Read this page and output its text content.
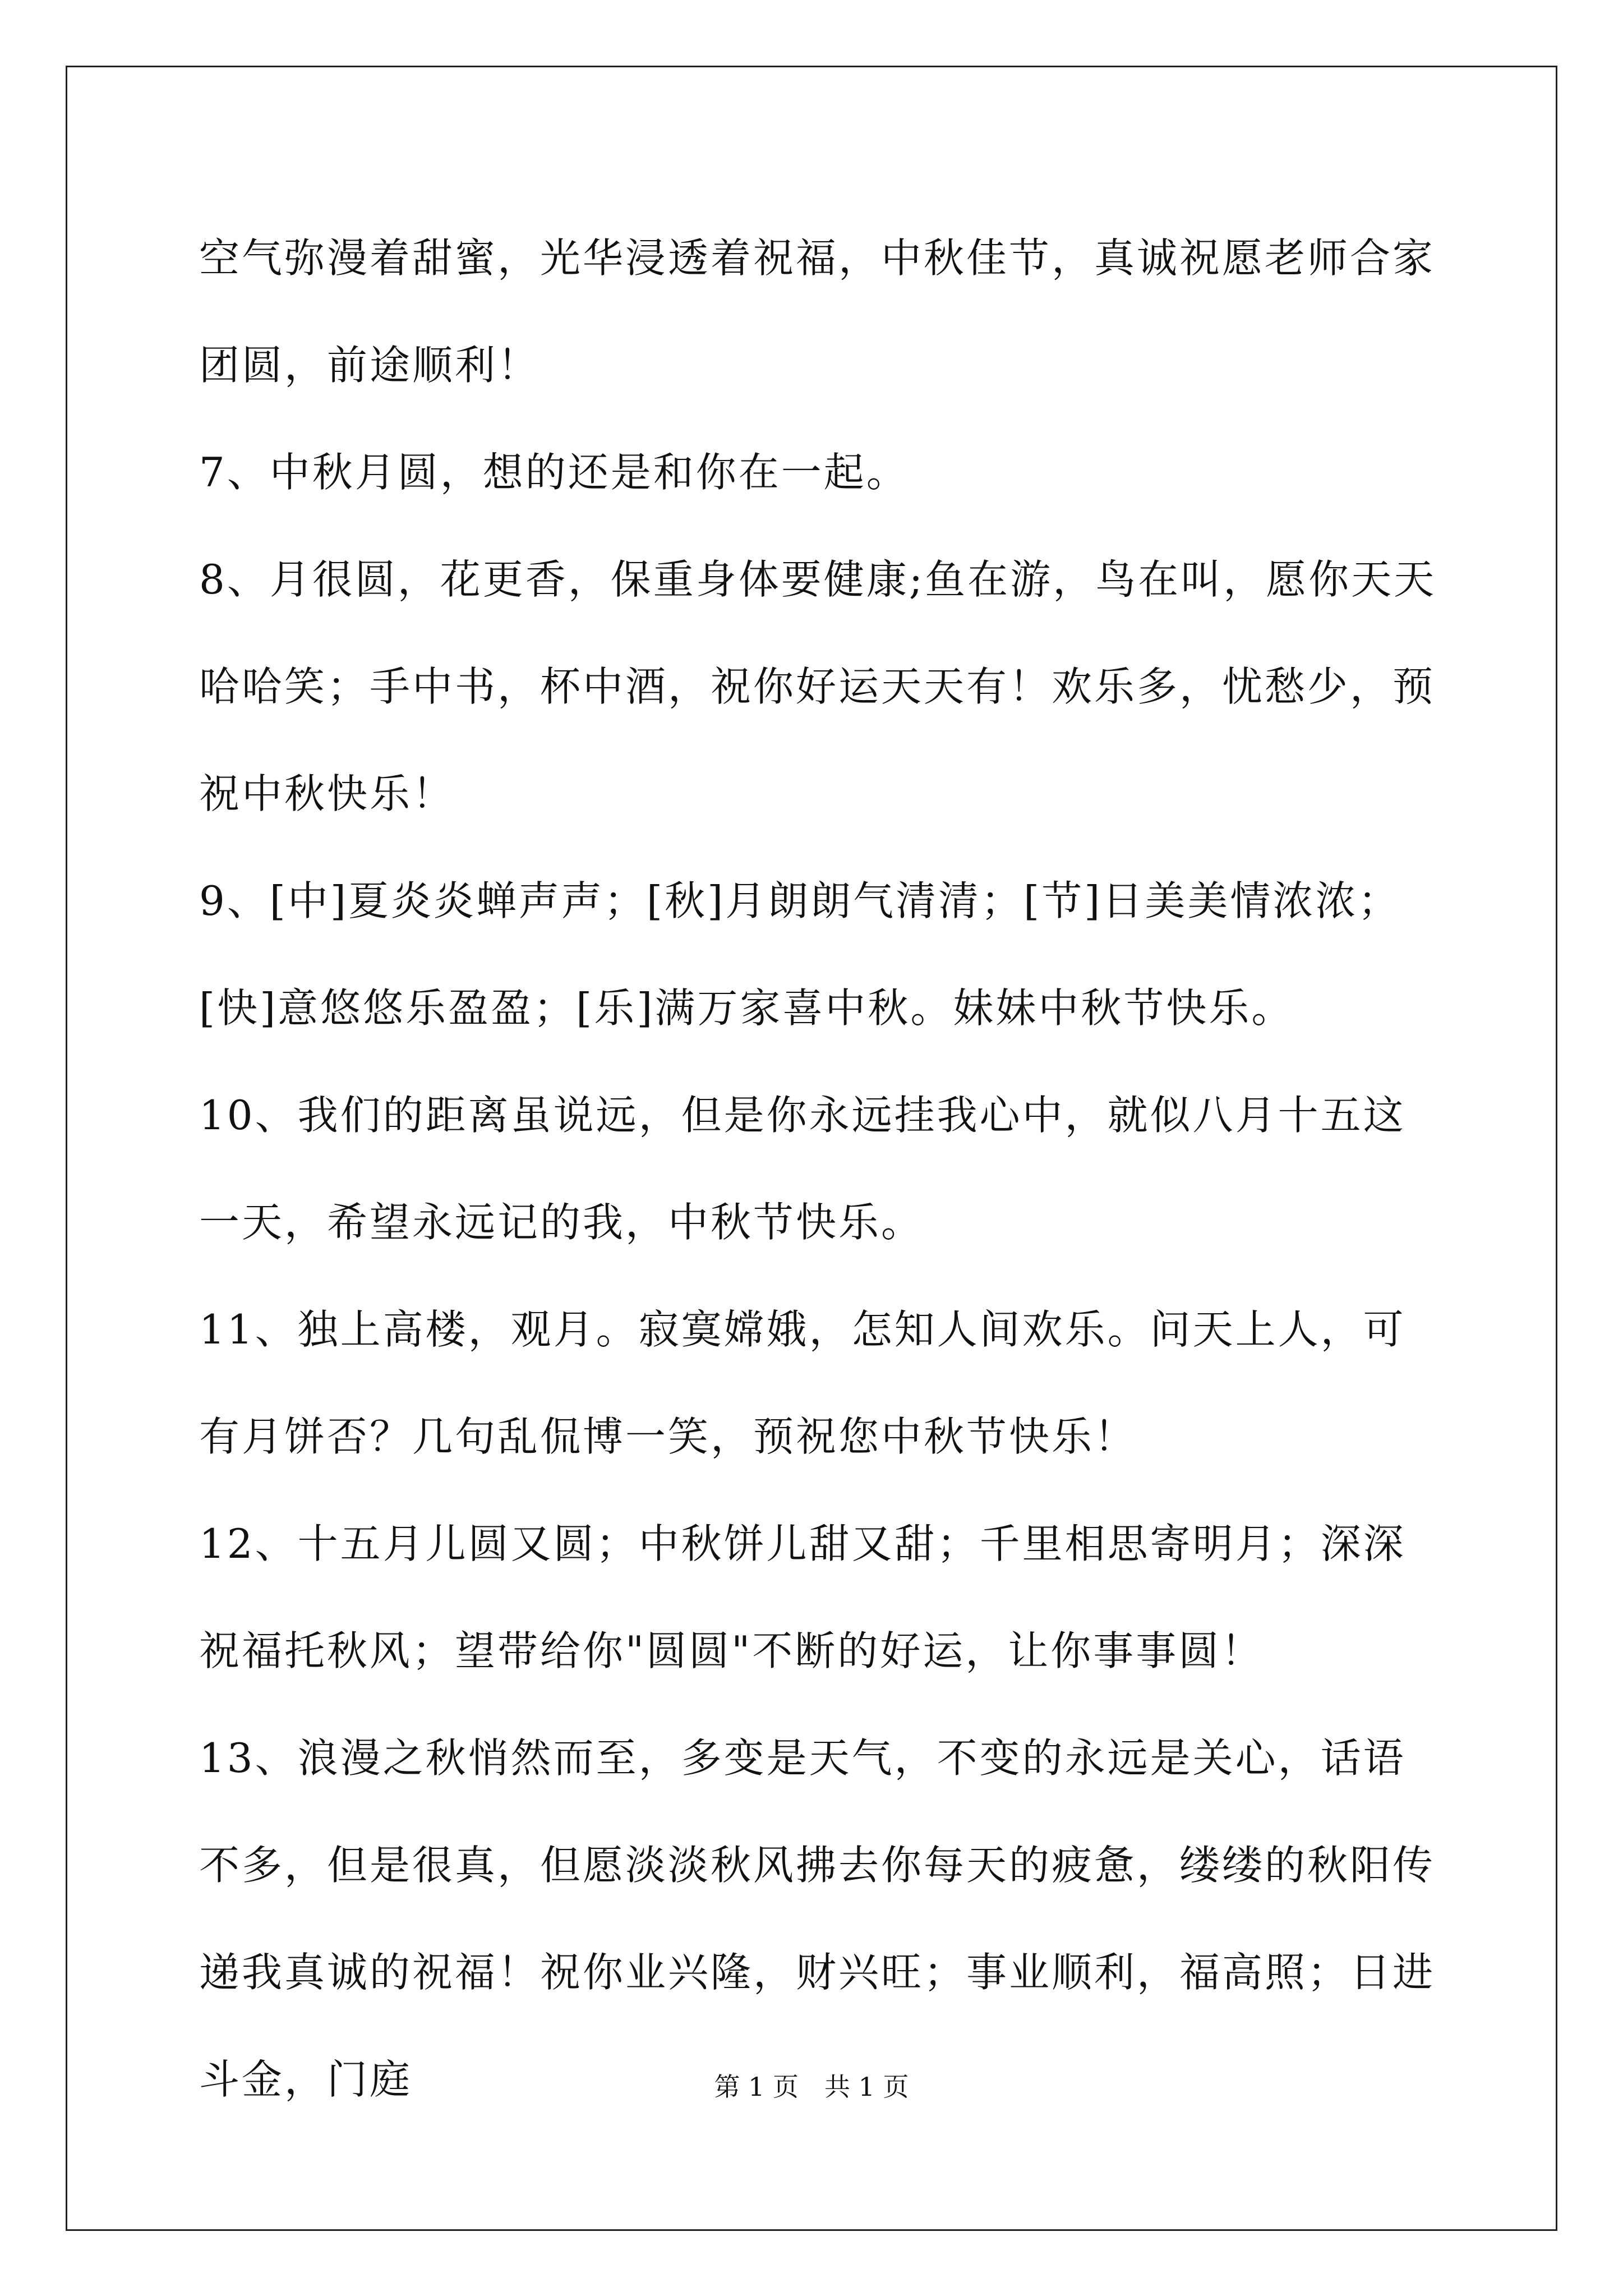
空气弥漫着甜蜜，光华浸透着祝福，中秋佳节，真诚祝愿老师合家团圆，前途顺利！

7、中秋月圆，想的还是和你在一起。

8、月很圆，花更香，保重身体要健康;鱼在游，鸟在叫，愿你天天哈哈笑；手中书，杯中酒，祝你好运天天有！欢乐多，忧愁少，预祝中秋快乐！

9、[中]夏炎炎蝉声声；[秋]月朗朗气清清；[节]日美美情浓浓；[快]意悠悠乐盈盈；[乐]满万家喜中秋。妹妹中秋节快乐。

10、我们的距离虽说远，但是你永远挂我心中，就似八月十五这一天，希望永远记的我，中秋节快乐。

11、独上高楼，观月。寂寞嫦娥，怎知人间欢乐。问天上人，可有月饼否？几句乱侃博一笑，预祝您中秋节快乐！

12、十五月儿圆又圆；中秋饼儿甜又甜；千里相思寄明月；深深祝福托秋风；望带给你"圆圆"不断的好运，让你事事圆！

13、浪漫之秋悄然而至，多变是天气，不变的永远是关心，话语不多，但是很真，但愿淡淡秋风拂去你每天的疲惫，缕缕的秋阳传递我真诚的祝福！祝你业兴隆，财兴旺；事业顺利，福高照；日进斗金，门庭	第 1 页　共 1 页
